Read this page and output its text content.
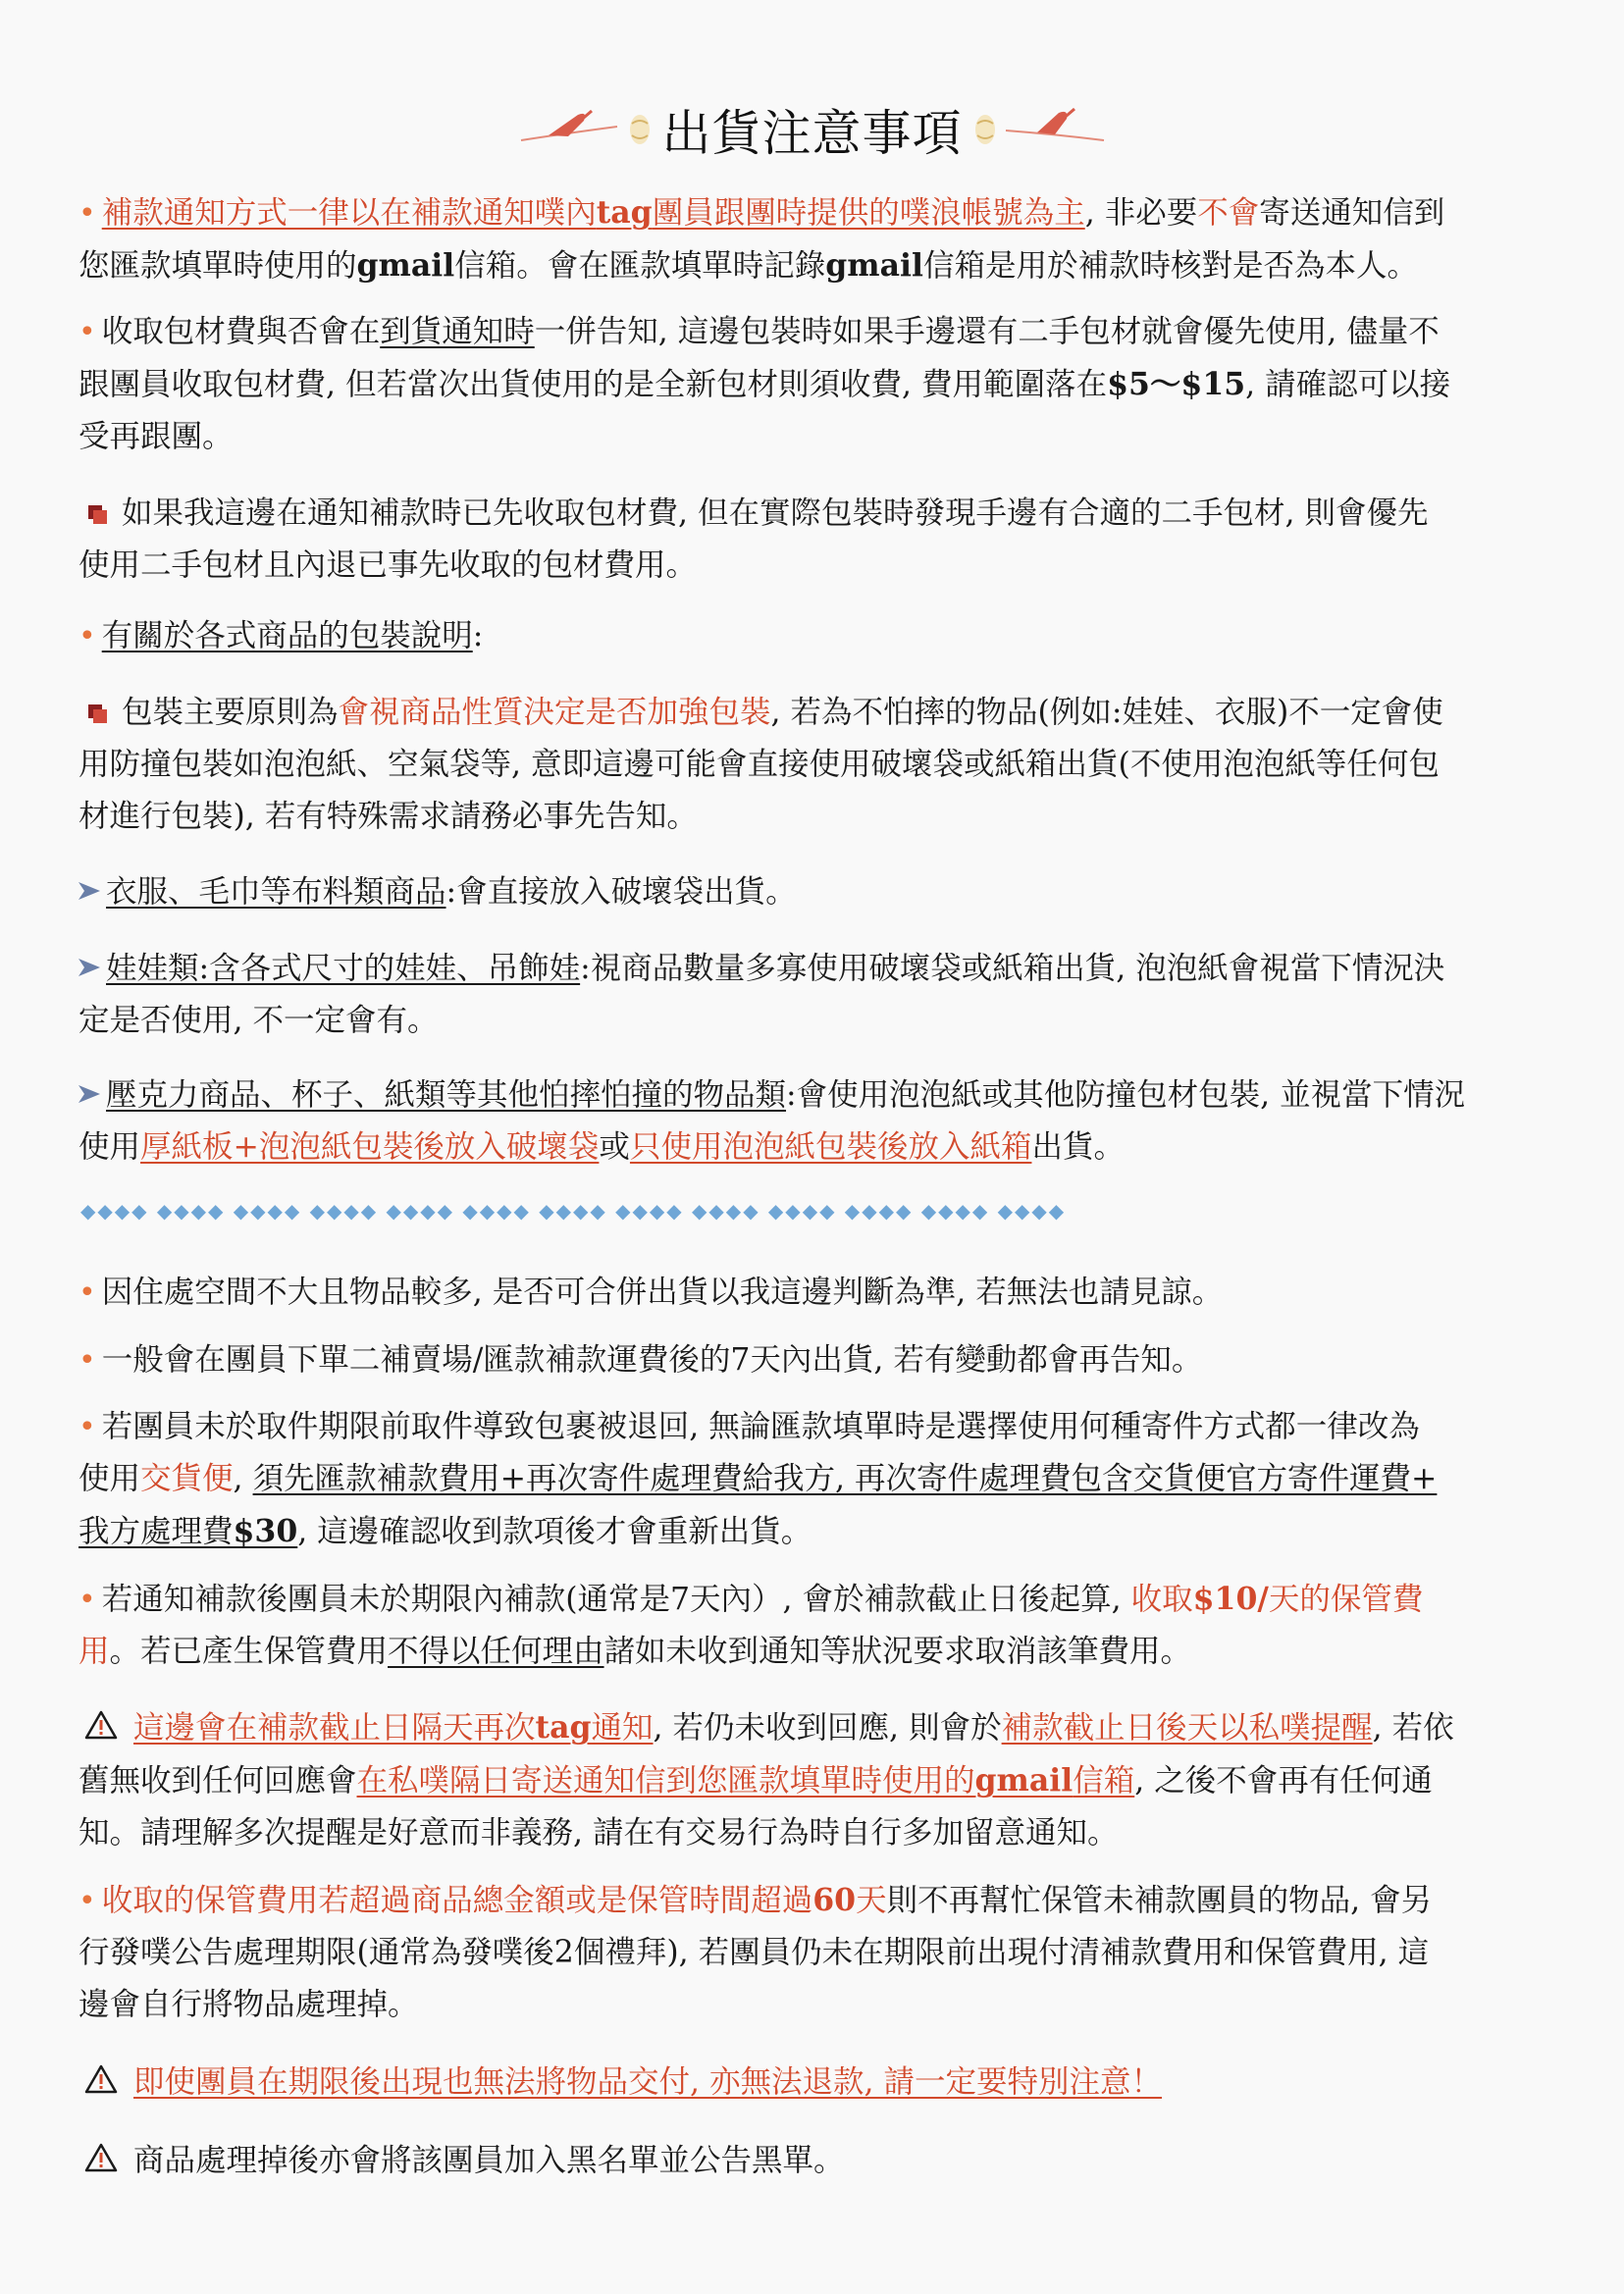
出貨注意事項
• 補款通知方式一律以在補款通知噗內tag團員跟團時提供的噗浪帳號為主, 非必要不會寄送通知信到
您匯款填單時使用的gmail信箱。會在匯款填單時記錄gmail信箱是用於補款時核對是否為本人。
• 收取包材費與否會在到貨通知時一併告知, 這邊包裝時如果手邊還有二手包材就會優先使用, 儘量不
跟團員收取包材費, 但若當次出貨使用的是全新包材則須收費, 費用範圍落在$5～$15, 請確認可以接
受再跟團。
如果我這邊在通知補款時已先收取包材費, 但在實際包裝時發現手邊有合適的二手包材, 則會優先
使用二手包材且內退已事先收取的包材費用。
• 有關於各式商品的包裝說明:
包裝主要原則為會視商品性質決定是否加強包裝, 若為不怕摔的物品(例如:娃娃、衣服)不一定會使
用防撞包裝如泡泡紙、空氣袋等, 意即這邊可能會直接使用破壞袋或紙箱出貨(不使用泡泡紙等任何包
材進行包裝), 若有特殊需求請務必事先告知。
衣服、毛巾等布料類商品:會直接放入破壞袋出貨。
娃娃類:含各式尺寸的娃娃、吊飾娃:視商品數量多寡使用破壞袋或紙箱出貨, 泡泡紙會視當下情況決
定是否使用, 不一定會有。
壓克力商品、杯子、紙類等其他怕摔怕撞的物品類:會使用泡泡紙或其他防撞包材包裝, 並視當下情況
使用厚紙板+泡泡紙包裝後放入破壞袋或只使用泡泡紙包裝後放入紙箱出貨。
◆◆◆◆ ◆◆◆◆ ◆◆◆◆ ◆◆◆◆ ◆◆◆◆ ◆◆◆◆ ◆◆◆◆ ◆◆◆◆ ◆◆◆◆ ◆◆◆◆ ◆◆◆◆ ◆◆◆◆ ◆◆◆◆
• 因住處空間不大且物品較多, 是否可合併出貨以我這邊判斷為準, 若無法也請見諒。
• 一般會在團員下單二補賣場/匯款補款運費後的7天內出貨, 若有變動都會再告知。
• 若團員未於取件期限前取件導致包裹被退回, 無論匯款填單時是選擇使用何種寄件方式都一律改為
使用交貨便, 須先匯款補款費用+再次寄件處理費給我方, 再次寄件處理費包含交貨便官方寄件運費+
我方處理費$30, 這邊確認收到款項後才會重新出貨。
• 若通知補款後團員未於期限內補款(通常是7天內）, 會於補款截止日後起算, 收取$10/天的保管費
用。若已產生保管費用不得以任何理由諸如未收到通知等狀況要求取消該筆費用。
這邊會在補款截止日隔天再次tag通知, 若仍未收到回應, 則會於補款截止日後天以私噗提醒, 若依
舊無收到任何回應會在私噗隔日寄送通知信到您匯款填單時使用的gmail信箱, 之後不會再有任何通
知。請理解多次提醒是好意而非義務, 請在有交易行為時自行多加留意通知。
• 收取的保管費用若超過商品總金額或是保管時間超過60天則不再幫忙保管未補款團員的物品, 會另
行發噗公告處理期限(通常為發噗後2個禮拜), 若團員仍未在期限前出現付清補款費用和保管費用, 這
邊會自行將物品處理掉。
即使團員在期限後出現也無法將物品交付, 亦無法退款, 請一定要特別注意！
商品處理掉後亦會將該團員加入黑名單並公告黑單。
